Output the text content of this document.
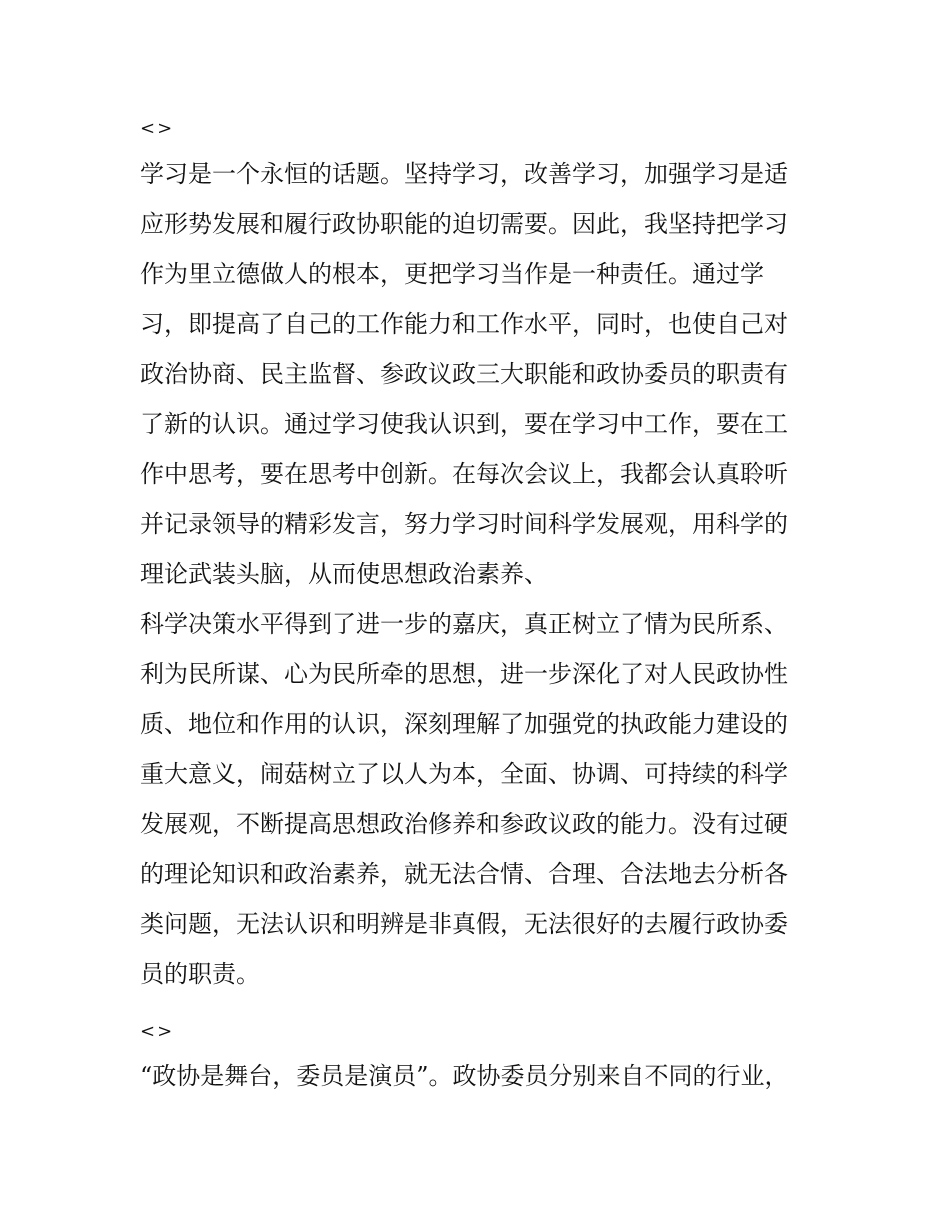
<>
学习是一个永恒的话题。坚持学习，改善学习，加强学习是适
应形势发展和履行政协职能的迫切需要。因此，我坚持把学习
作为里立德做人的根本，更把学习当作是一种责任。通过学
习，即提高了自己的工作能力和工作水平，同时，也使自己对
政治协商、民主监督、参政议政三大职能和政协委员的职责有
了新的认识。通过学习使我认识到，要在学习中工作，要在工
作中思考，要在思考中创新。在每次会议上，我都会认真聆听
并记录领导的精彩发言，努力学习时间科学发展观，用科学的
理论武装头脑，从而使思想政治素养、
科学决策水平得到了进一步的嘉庆，真正树立了情为民所系、
利为民所谋、心为民所牵的思想，进一步深化了对人民政协性
质、地位和作用的认识，深刻理解了加强党的执政能力建设的
重大意义，闹菇树立了以人为本，全面、协调、可持续的科学
发展观，不断提高思想政治修养和参政议政的能力。没有过硬
的理论知识和政治素养，就无法合情、合理、合法地去分析各
类问题，无法认识和明辨是非真假，无法很好的去履行政协委
员的职责。
<>
“政协是舞台，委员是演员”。政协委员分别来自不同的行业，
